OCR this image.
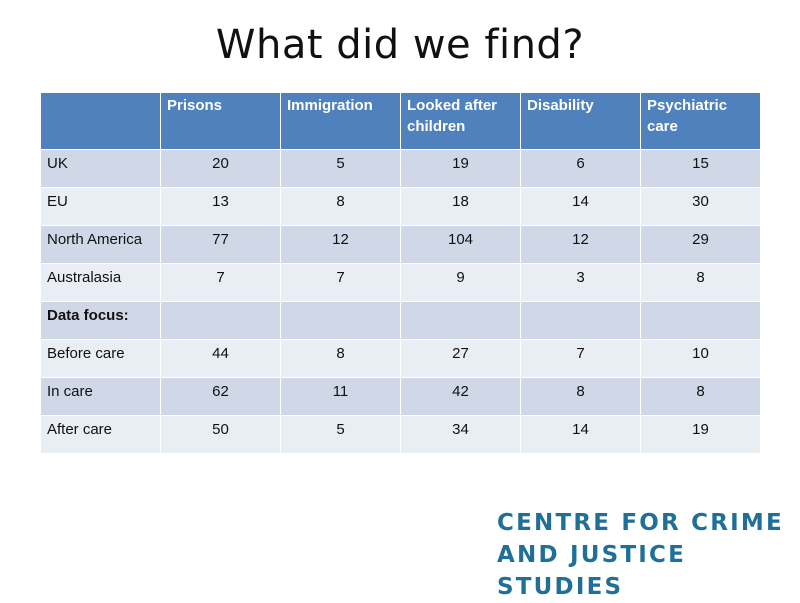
What did we find?
	Prisons	Immigration	Looked after children	Disability	Psychiatric care
UK	20	5	19	6	15
EU	13	8	18	14	30
North America	77	12	104	12	29
Australasia	7	7	9	3	8
Data focus:					
Before care	44	8	27	7	10
In care	62	11	42	8	8
After care	50	5	34	14	19
CENTRE FOR CRIME
AND JUSTICE STUDIES
